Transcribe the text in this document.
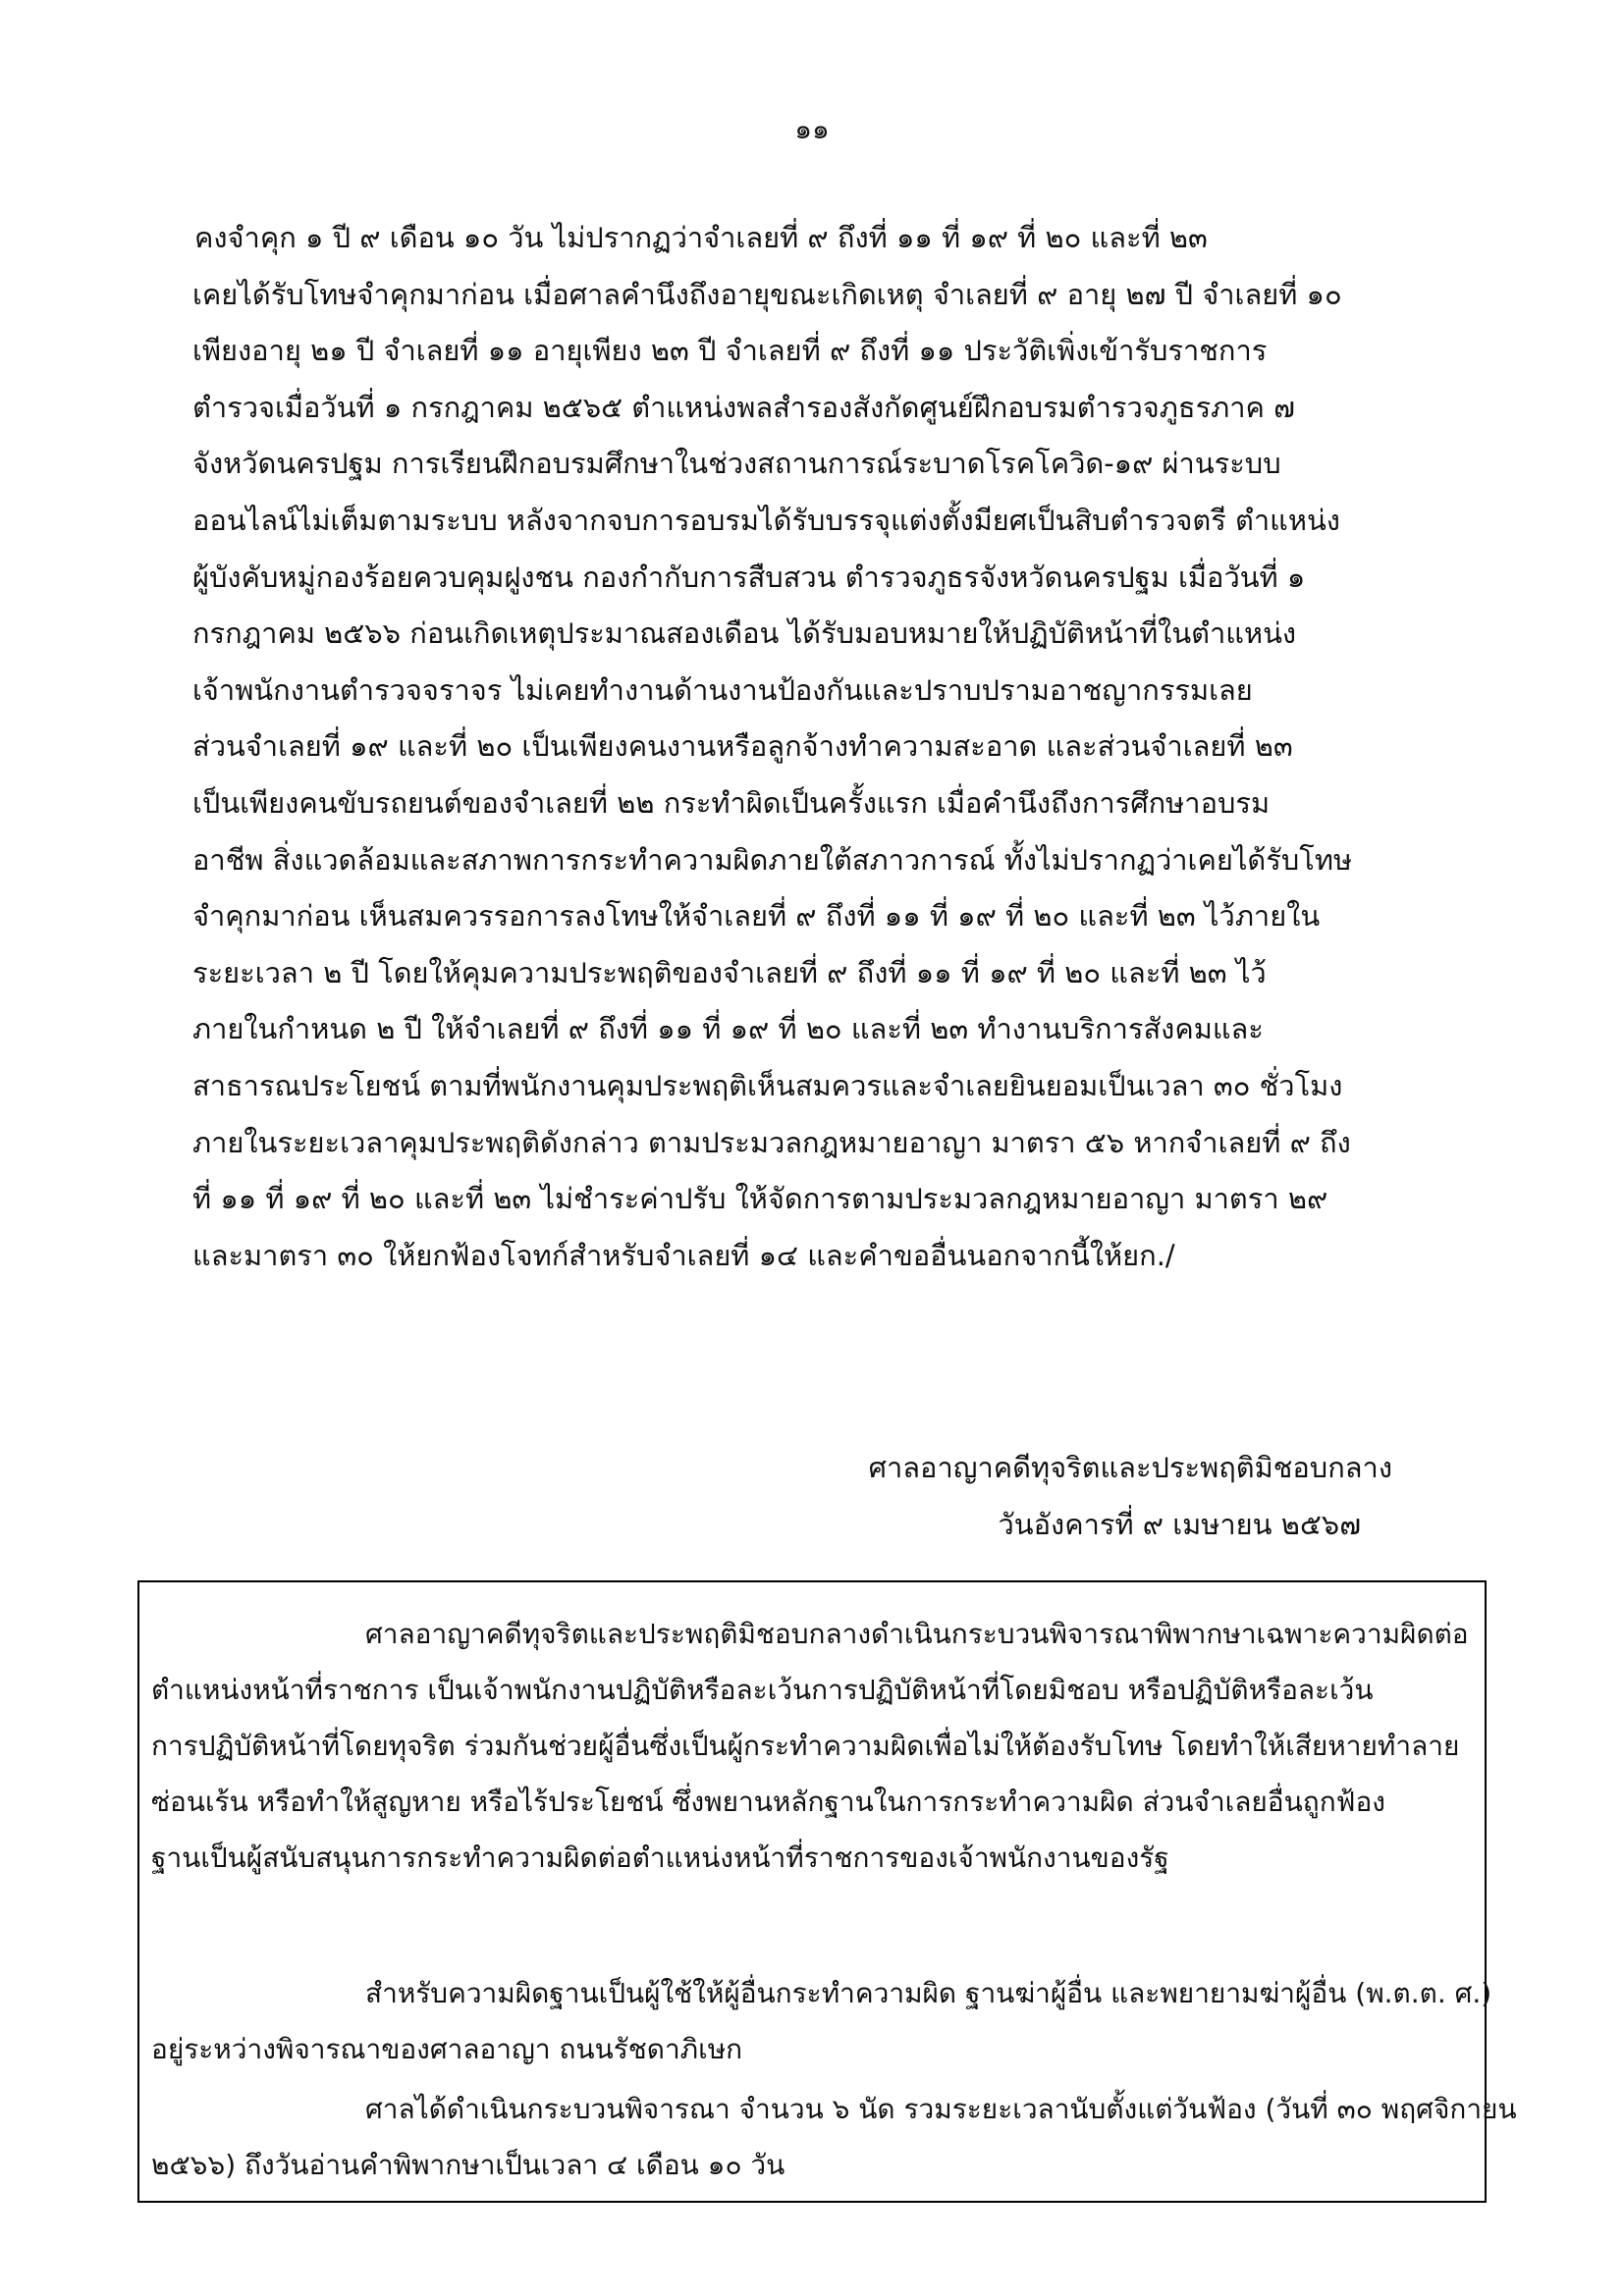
๑๑
คงจำคุก ๑ ปี ๙ เดือน ๑๐ วัน ไม่ปรากฏว่าจำเลยที่ ๙ ถึงที่ ๑๑ ที่ ๑๙ ที่ ๒๐ และที่ ๒๓
เคยได้รับโทษจำคุกมาก่อน เมื่อศาลคำนึงถึงอายุขณะเกิดเหตุ จำเลยที่ ๙ อายุ ๒๗ ปี จำเลยที่ ๑๐
เพียงอายุ ๒๑ ปี จำเลยที่ ๑๑ อายุเพียง ๒๓ ปี จำเลยที่ ๙ ถึงที่ ๑๑ ประวัติเพิ่งเข้ารับราชการ
ตำรวจเมื่อวันที่ ๑ กรกฎาคม ๒๕๖๕ ตำแหน่งพลสำรองสังกัดศูนย์ฝึกอบรมตำรวจภูธรภาค ๗
จังหวัดนครปฐม การเรียนฝึกอบรมศึกษาในช่วงสถานการณ์ระบาดโรคโควิด-๑๙ ผ่านระบบ
ออนไลน์ไม่เต็มตามระบบ หลังจากจบการอบรมได้รับบรรจุแต่งตั้งมียศเป็นสิบตำรวจตรี ตำแหน่ง
ผู้บังคับหมู่กองร้อยควบคุมฝูงชน กองกำกับการสืบสวน ตำรวจภูธรจังหวัดนครปฐม เมื่อวันที่ ๑
กรกฎาคม ๒๕๖๖ ก่อนเกิดเหตุประมาณสองเดือน ได้รับมอบหมายให้ปฏิบัติหน้าที่ในตำแหน่ง
เจ้าพนักงานตำรวจจราจร ไม่เคยทำงานด้านงานป้องกันและปราบปรามอาชญากรรมเลย
ส่วนจำเลยที่ ๑๙ และที่ ๒๐ เป็นเพียงคนงานหรือลูกจ้างทำความสะอาด และส่วนจำเลยที่ ๒๓
เป็นเพียงคนขับรถยนต์ของจำเลยที่ ๒๒ กระทำผิดเป็นครั้งแรก เมื่อคำนึงถึงการศึกษาอบรม
อาชีพ สิ่งแวดล้อมและสภาพการกระทำความผิดภายใต้สภาวการณ์ ทั้งไม่ปรากฏว่าเคยได้รับโทษ
จำคุกมาก่อน เห็นสมควรรอการลงโทษให้จำเลยที่ ๙ ถึงที่ ๑๑ ที่ ๑๙ ที่ ๒๐ และที่ ๒๓ ไว้ภายใน
ระยะเวลา ๒ ปี โดยให้คุมความประพฤติของจำเลยที่ ๙ ถึงที่ ๑๑ ที่ ๑๙ ที่ ๒๐ และที่ ๒๓ ไว้
ภายในกำหนด ๒ ปี ให้จำเลยที่ ๙ ถึงที่ ๑๑ ที่ ๑๙ ที่ ๒๐ และที่ ๒๓ ทำงานบริการสังคมและ
สาธารณประโยชน์ ตามที่พนักงานคุมประพฤติเห็นสมควรและจำเลยยินยอมเป็นเวลา ๓๐ ชั่วโมง
ภายในระยะเวลาคุมประพฤติดังกล่าว ตามประมวลกฎหมายอาญา มาตรา ๕๖ หากจำเลยที่ ๙ ถึง
ที่ ๑๑ ที่ ๑๙ ที่ ๒๐ และที่ ๒๓ ไม่ชำระค่าปรับ ให้จัดการตามประมวลกฎหมายอาญา มาตรา ๒๙
และมาตรา ๓๐ ให้ยกฟ้องโจทก์สำหรับจำเลยที่ ๑๔ และคำขออื่นนอกจากนี้ให้ยก./
ศาลอาญาคดีทุจริตและประพฤติมิชอบกลาง
วันอังคารที่ ๙ เมษายน ๒๕๖๗
ศาลอาญาคดีทุจริตและประพฤติมิชอบกลางดำเนินกระบวนพิจารณาพิพากษาเฉพาะความผิดต่อ
ตำแหน่งหน้าที่ราชการ เป็นเจ้าพนักงานปฏิบัติหรือละเว้นการปฏิบัติหน้าที่โดยมิชอบ หรือปฏิบัติหรือละเว้น
การปฏิบัติหน้าที่โดยทุจริต ร่วมกันช่วยผู้อื่นซึ่งเป็นผู้กระทำความผิดเพื่อไม่ให้ต้องรับโทษ โดยทำให้เสียหายทำลาย
ซ่อนเร้น หรือทำให้สูญหาย หรือไร้ประโยชน์ ซึ่งพยานหลักฐานในการกระทำความผิด ส่วนจำเลยอื่นถูกฟ้อง
ฐานเป็นผู้สนับสนุนการกระทำความผิดต่อตำแหน่งหน้าที่ราชการของเจ้าพนักงานของรัฐ
สำหรับความผิดฐานเป็นผู้ใช้ให้ผู้อื่นกระทำความผิด ฐานฆ่าผู้อื่น และพยายามฆ่าผู้อื่น (พ.ต.ต. ศ.)
อยู่ระหว่างพิจารณาของศาลอาญา ถนนรัชดาภิเษก
ศาลได้ดำเนินกระบวนพิจารณา จำนวน ๖ นัด รวมระยะเวลานับตั้งแต่วันฟ้อง (วันที่ ๓๐ พฤศจิกายน
๒๕๖๖) ถึงวันอ่านคำพิพากษาเป็นเวลา ๔ เดือน ๑๐ วัน
